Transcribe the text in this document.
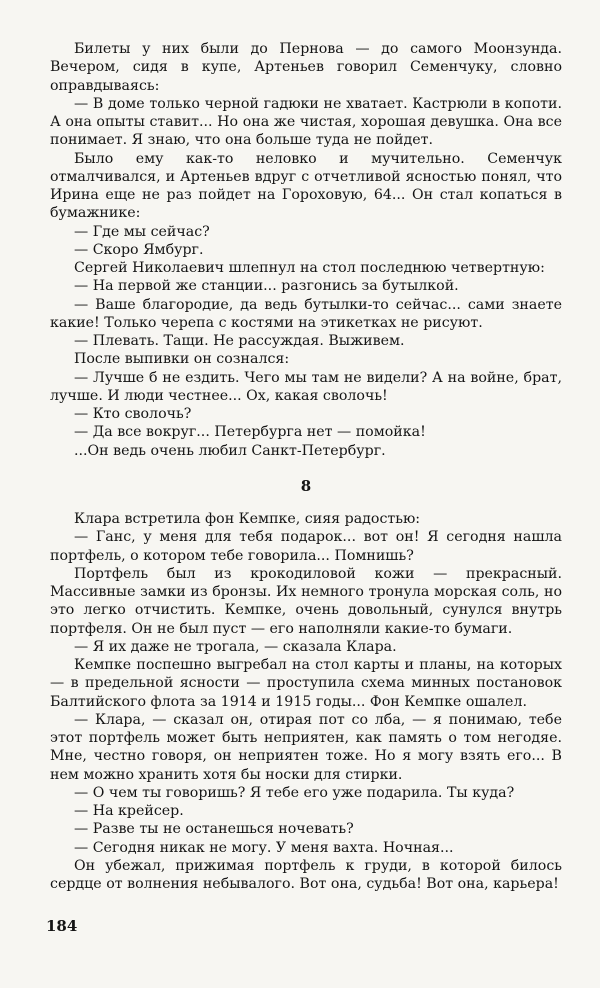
Билеты у них были до Пернова — до самого Моонзунда. Вечером, сидя в купе, Артеньев говорил Семенчуку, словно оправдываясь:

— В доме только черной гадюки не хватает. Кастрюли в копоти. А она опыты ставит... Но она же чистая, хорошая девушка. Она все понимает. Я знаю, что она больше туда не пойдет.

Было ему как-то неловко и мучительно. Семенчук отмалчивался, и Артеньев вдруг с отчетливой ясностью понял, что Ирина еще не раз пойдет на Гороховую, 64... Он стал копаться в бумажнике:

— Где мы сейчас?

— Скоро Ямбург.

Сергей Николаевич шлепнул на стол последнюю четвертную:

— На первой же станции... разгонись за бутылкой.

— Ваше благородие, да ведь бутылки-то сейчас... сами знаете какие! Только черепа с костями на этикетках не рисуют.

— Плевать. Тащи. Не рассуждая. Выживем.

После выпивки он сознался:

— Лучше б не ездить. Чего мы там не видели? А на войне, брат, лучше. И люди честнее... Ох, какая сволочь!

— Кто сволочь?

— Да все вокруг... Петербурга нет — помойка!

...Он ведь очень любил Санкт-Петербург.

8

Клара встретила фон Кемпке, сияя радостью:

— Ганс, у меня для тебя подарок... вот он! Я сегодня нашла портфель, о котором тебе говорила... Помнишь?

Портфель был из крокодиловой кожи — прекрасный. Массивные замки из бронзы. Их немного тронула морская соль, но это легко отчистить. Кемпке, очень довольный, сунулся внутрь портфеля. Он не был пуст — его наполняли какие-то бумаги.

— Я их даже не трогала, — сказала Клара.

Кемпке поспешно выгребал на стол карты и планы, на которых — в предельной ясности — проступила схема минных постановок Балтийского флота за 1914 и 1915 годы... Фон Кемпке ошалел.

— Клара, — сказал он, отирая пот со лба, — я понимаю, тебе этот портфель может быть неприятен, как память о том негодяе. Мне, честно говоря, он неприятен тоже. Но я могу взять его... В нем можно хранить хотя бы носки для стирки.

— О чем ты говоришь? Я тебе его уже подарила. Ты куда?

— На крейсер.

— Разве ты не останешься ночевать?

— Сегодня никак не могу. У меня вахта. Ночная...

Он убежал, прижимая портфель к груди, в которой билось сердце от волнения небывалого. Вот она, судьба! Вот она, карьера!

184
